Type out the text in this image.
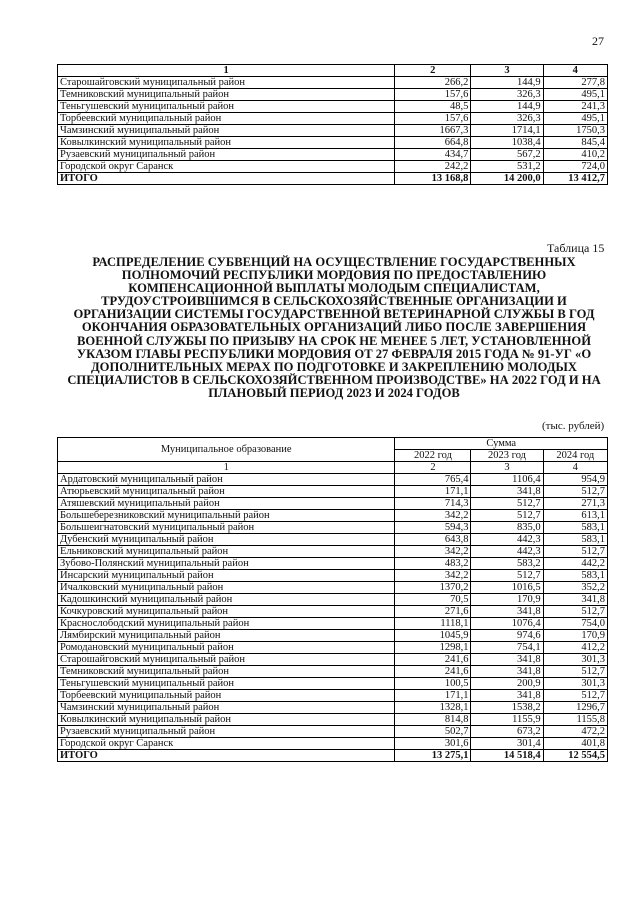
27
1	2	3	4
Старошайговский муниципальный район	266,2	144,9	277,8
Темниковский муниципальный район	157,6	326,3	495,1
Теньгушевский муниципальный район	48,5	144,9	241,3
Торбеевский муниципальный район	157,6	326,3	495,1
Чамзинский муниципальный район	1667,3	1714,1	1750,3
Ковылкинский муниципальный район	664,8	1038,4	845,4
Рузаевский муниципальный район	434,7	567,2	410,2
Городской округ Саранск	242,2	531,2	724,0
ИТОГО	13 168,8	14 200,0	13 412,7
Таблица 15
РАСПРЕДЕЛЕНИЕ СУБВЕНЦИЙ НА ОСУЩЕСТВЛЕНИЕ ГОСУДАРСТВЕННЫХ ПОЛНОМОЧИЙ РЕСПУБЛИКИ МОРДОВИЯ ПО ПРЕДОСТАВЛЕНИЮ КОМПЕНСАЦИОННОЙ ВЫПЛАТЫ МОЛОДЫМ СПЕЦИАЛИСТАМ, ТРУДОУСТРОИВШИМСЯ В СЕЛЬСКОХОЗЯЙСТВЕННЫЕ ОРГАНИЗАЦИИ И ОРГАНИЗАЦИИ СИСТЕМЫ ГОСУДАРСТВЕННОЙ ВЕТЕРИНАРНОЙ СЛУЖБЫ В ГОД ОКОНЧАНИЯ ОБРАЗОВАТЕЛЬНЫХ ОРГАНИЗАЦИЙ ЛИБО ПОСЛЕ ЗАВЕРШЕНИЯ ВОЕННОЙ СЛУЖБЫ ПО ПРИЗЫВУ НА СРОК НЕ МЕНЕЕ 5 ЛЕТ, УСТАНОВЛЕННОЙ УКАЗОМ ГЛАВЫ РЕСПУБЛИКИ МОРДОВИЯ ОТ 27 ФЕВРАЛЯ 2015 ГОДА № 91-УГ «О ДОПОЛНИТЕЛЬНЫХ МЕРАХ ПО ПОДГОТОВКЕ И ЗАКРЕПЛЕНИЮ МОЛОДЫХ СПЕЦИАЛИСТОВ В СЕЛЬСКОХОЗЯЙСТВЕННОМ ПРОИЗВОДСТВЕ» НА 2022 ГОД И НА ПЛАНОВЫЙ ПЕРИОД 2023 И 2024 ГОДОВ
(тыс. рублей)
Муниципальное образование	Сумма		
	2022 год	2023 год	2024 год
1	2	3	4
Ардатовский муниципальный район	765,4	1106,4	954,9
Атюрьевский муниципальный район	171,1	341,8	512,7
Атяшевский муниципальный район	714,3	512,7	271,3
Большеберезниковский муниципальный район	342,2	512,7	613,1
Большеигнатовский муниципальный район	594,3	835,0	583,1
Дубенский муниципальный район	643,8	442,3	583,1
Ельниковский муниципальный район	342,2	442,3	512,7
Зубово-Полянский муниципальный район	483,2	583,2	442,2
Инсарский муниципальный район	342,2	512,7	583,1
Ичалковский муниципальный район	1370,2	1016,5	352,2
Кадошкинский муниципальный район	70,5	170,9	341,8
Кочкуровский муниципальный район	271,6	341,8	512,7
Краснослободский муниципальный район	1118,1	1076,4	754,0
Лямбирский муниципальный район	1045,9	974,6	170,9
Ромодановский муниципальный район	1298,1	754,1	412,2
Старошайговский муниципальный район	241,6	341,8	301,3
Темниковский муниципальный район	241,6	341,8	512,7
Теньгушевский муниципальный район	100,5	200,9	301,3
Торбеевский муниципальный район	171,1	341,8	512,7
Чамзинский муниципальный район	1328,1	1538,2	1296,7
Ковылкинский муниципальный район	814,8	1155,9	1155,8
Рузаевский муниципальный район	502,7	673,2	472,2
Городской округ Саранск	301,6	301,4	401,8
ИТОГО	13 275,1	14 518,4	12 554,5
